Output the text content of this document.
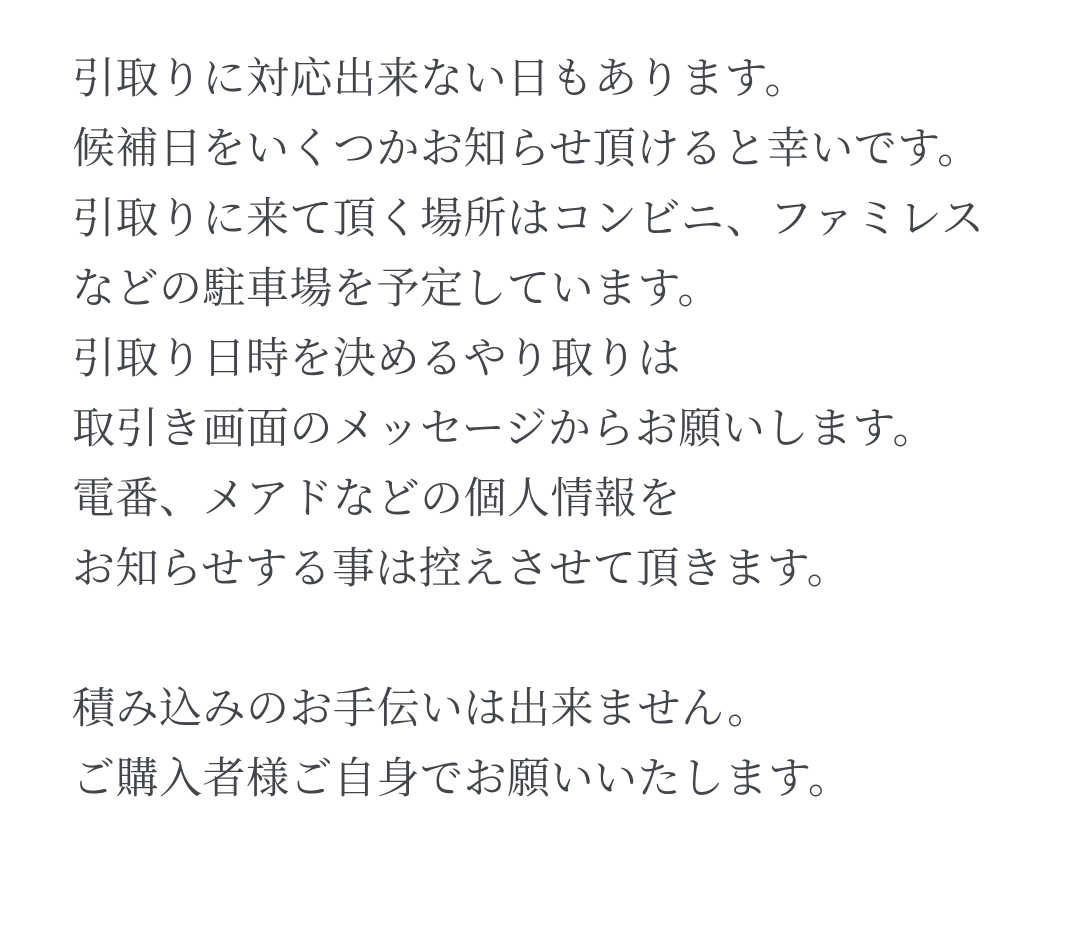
引取りに対応出来ない日もあります。

候補日をいくつかお知らせ頂けると幸いです。

引取りに来て頂く場所はコンビニ、ファミレス

などの駐車場を予定しています。

引取り日時を決めるやり取りは

取引き画面のメッセージからお願いします。

電番、メアドなどの個人情報を

お知らせする事は控えさせて頂きます。

積み込みのお手伝いは出来ません。

ご購入者様ご自身でお願いいたします。
